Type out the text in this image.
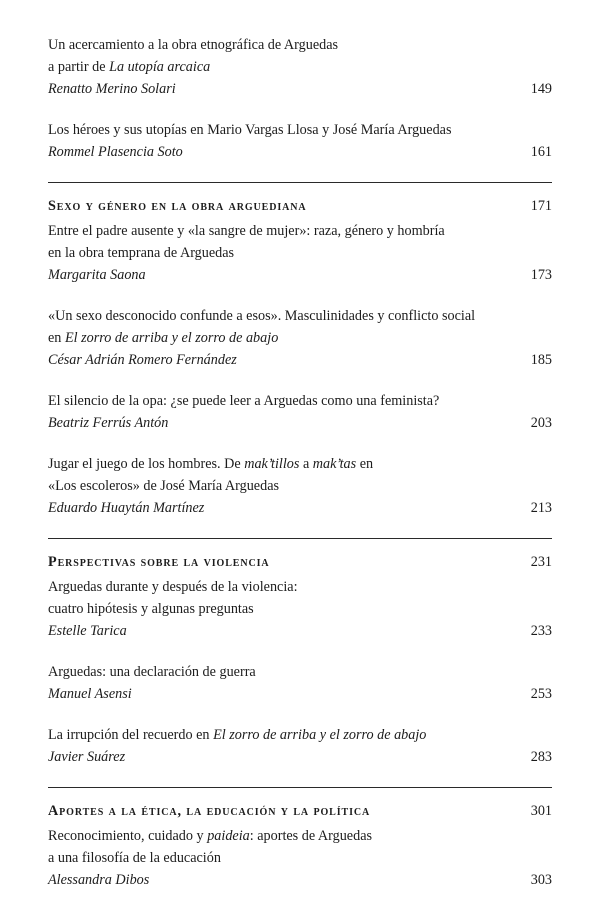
Un acercamiento a la obra etnográfica de Arguedas
a partir de La utopía arcaica
Renatto Merino Solari	149
Los héroes y sus utopías en Mario Vargas Llosa y José María Arguedas
Rommel Plasencia Soto	161
Sexo y género en la obra arguediana	171
Entre el padre ausente y «la sangre de mujer»: raza, género y hombría
en la obra temprana de Arguedas
Margarita Saona	173
«Un sexo desconocido confunde a esos». Masculinidades y conflicto social
en El zorro de arriba y el zorro de abajo
César Adrián Romero Fernández	185
El silencio de la opa: ¿se puede leer a Arguedas como una feminista?
Beatriz Ferrús Antón	203
Jugar el juego de los hombres. De mak’tillos a mak’tas en
«Los escoleros» de José María Arguedas
Eduardo Huaytán Martínez	213
Perspectivas sobre la violencia	231
Arguedas durante y después de la violencia:
cuatro hipótesis y algunas preguntas
Estelle Tarica	233
Arguedas: una declaración de guerra
Manuel Asensi	253
La irrupción del recuerdo en El zorro de arriba y el zorro de abajo
Javier Suárez	283
Aportes a la ética, la educación y la política	301
Reconocimiento, cuidado y paideia: aportes de Arguedas
a una filosofía de la educación
Alessandra Dibos	303
